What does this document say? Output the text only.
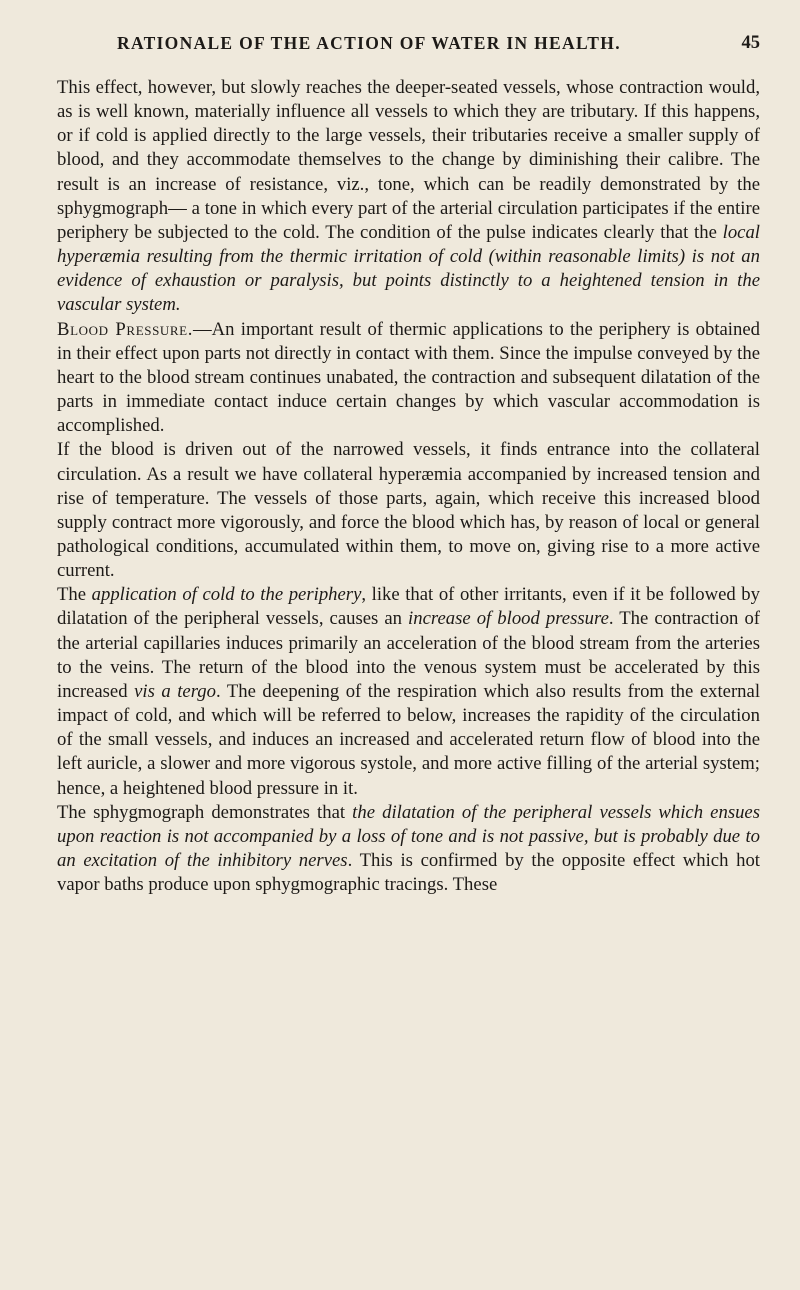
RATIONALE OF THE ACTION OF WATER IN HEALTH.	45

This effect, however, but slowly reaches the deeper-seated vessels, whose contraction would, as is well known, materially influence all vessels to which they are tributary. If this happens, or if cold is applied directly to the large vessels, their tributaries receive a smaller supply of blood, and they accommodate themselves to the change by diminishing their calibre. The result is an increase of resistance, viz., tone, which can be readily demonstrated by the sphygmograph— a tone in which every part of the arterial circulation participates if the entire periphery be subjected to the cold. The condition of the pulse indicates clearly that the local hyperæmia resulting from the thermic irritation of cold (within reasonable limits) is not an evidence of exhaustion or paralysis, but points distinctly to a heightened tension in the vascular system.

Blood Pressure.—An important result of thermic applications to the periphery is obtained in their effect upon parts not directly in contact with them. Since the impulse conveyed by the heart to the blood stream continues unabated, the contraction and subsequent dilatation of the parts in immediate contact induce certain changes by which vascular accommodation is accomplished.

If the blood is driven out of the narrowed vessels, it finds entrance into the collateral circulation. As a result we have collateral hyperæmia accompanied by increased tension and rise of temperature. The vessels of those parts, again, which receive this increased blood supply contract more vigorously, and force the blood which has, by reason of local or general pathological conditions, accumulated within them, to move on, giving rise to a more active current.

The application of cold to the periphery, like that of other irritants, even if it be followed by dilatation of the peripheral vessels, causes an increase of blood pressure. The contraction of the arterial capillaries induces primarily an acceleration of the blood stream from the arteries to the veins. The return of the blood into the venous system must be accelerated by this increased vis a tergo. The deepening of the respiration which also results from the external impact of cold, and which will be referred to below, increases the rapidity of the circulation of the small vessels, and induces an increased and accelerated return flow of blood into the left auricle, a slower and more vigorous systole, and more active filling of the arterial system; hence, a heightened blood pressure in it.

The sphygmograph demonstrates that the dilatation of the peripheral vessels which ensues upon reaction is not accompanied by a loss of tone and is not passive, but is probably due to an excitation of the inhibitory nerves. This is confirmed by the opposite effect which hot vapor baths produce upon sphygmographic tracings. These
